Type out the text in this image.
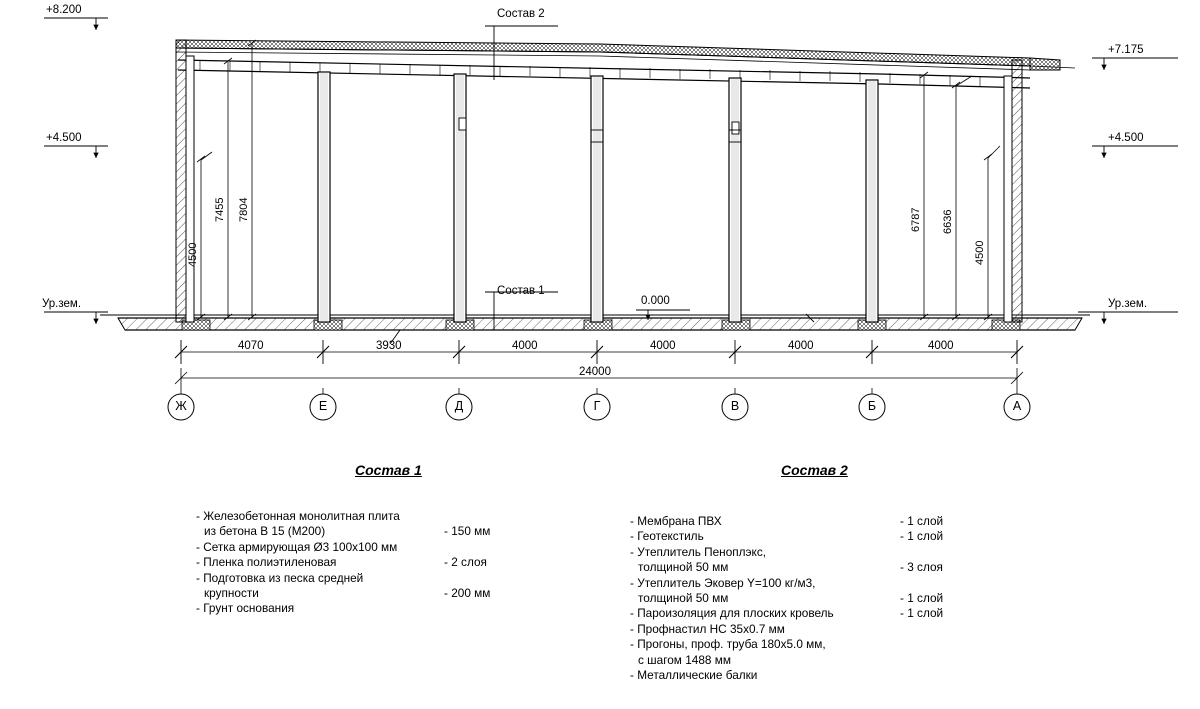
+8.200
+4.500
Ур.зем.
+7.175
+4.500
Ур.зем.
0.000
Состав 2
Состав 1
4500
7455 7804	6787 6636
4500
4070	3930	4000	4000	4000	4000
24000
Ж	Е	Д	Г	В	Б	А
Состав 1
- Железобетонная монолитная плита
из бетона В 15 (М200)	- 150 мм
- Сетка армирующая Ø3 100х100 мм
- Пленка полиэтиленовая	- 2 слоя
- Подготовка из песка средней
крупности	- 200 мм
- Грунт основания
Состав 2
- Мембрана ПВХ	- 1 слой
- Геотекстиль	- 1 слой
- Утеплитель Пеноплэкс,
толщиной 50 мм	- 3 слоя
- Утеплитель Эковер Y=100 кг/м3,
толщиной 50 мм	- 1 слой
- Пароизоляция для плоских кровель	- 1 слой
- Профнастил НС 35х0.7 мм
- Прогоны, проф. труба 180х5.0 мм,
с шагом 1488 мм
- Металлические балки
